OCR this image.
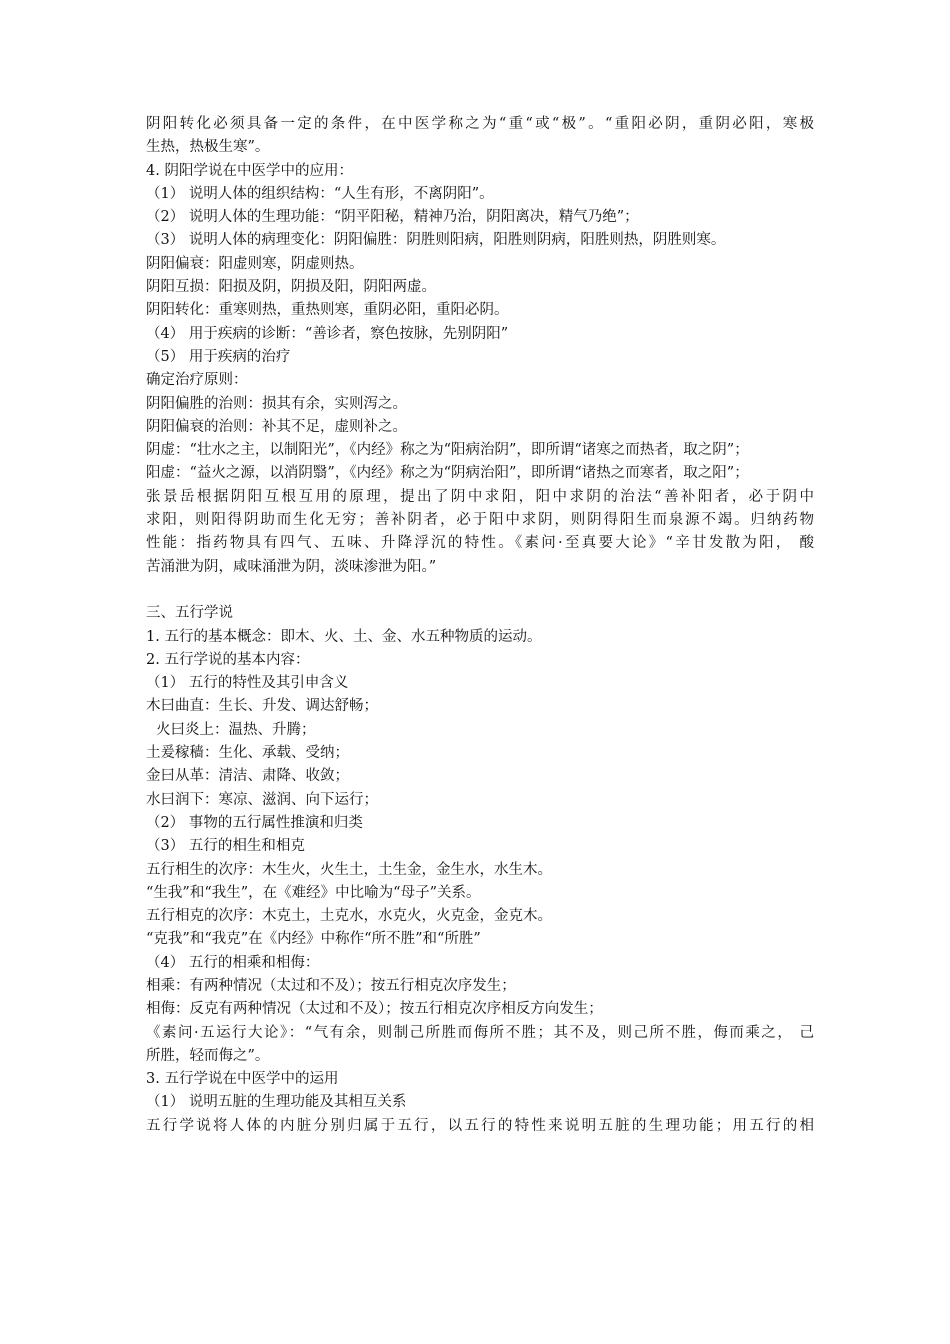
阴阳转化必须具备一定的条件，在中医学称之为“重“或“极”。“重阳必阴，重阴必阳，寒极
生热，热极生寒”。
4. 阴阳学说在中医学中的应用：
（1） 说明人体的组织结构：“人生有形，不离阴阳”。
（2） 说明人体的生理功能：“阴平阳秘，精神乃治，阴阳离决，精气乃绝”；
（3） 说明人体的病理变化：阴阳偏胜：阴胜则阳病，阳胜则阴病，阳胜则热，阴胜则寒。
阴阳偏衰：阳虚则寒，阴虚则热。
阴阳互损：阳损及阴，阴损及阳，阴阳两虚。
阴阳转化：重寒则热，重热则寒，重阴必阳，重阳必阴。
（4） 用于疾病的诊断：“善诊者，察色按脉，先别阴阳”
（5） 用于疾病的治疗
确定治疗原则：
阴阳偏胜的治则：损其有余，实则泻之。
阴阳偏衰的治则：补其不足，虚则补之。
阴虚：“壮水之主，以制阳光”，《内经》称之为“阳病治阴”，即所谓“诸寒之而热者，取之阴”；
阳虚：“益火之源，以消阴翳”，《内经》称之为“阴病治阳”，即所谓“诸热之而寒者，取之阳”；
张景岳根据阴阳互根互用的原理，提出了阴中求阳，阳中求阴的治法“善补阳者，必于阴中
求阳，则阳得阴助而生化无穷；善补阴者，必于阳中求阴，则阴得阳生而泉源不竭。归纳药物
性能：指药物具有四气、五味、升降浮沉的特性。《素问·至真要大论》“辛甘发散为阳， 酸
苦涌泄为阴，咸味涌泄为阴，淡味渗泄为阳。”
三、五行学说
1. 五行的基本概念：即木、火、土、金、水五种物质的运动。
2. 五行学说的基本内容：
（1） 五行的特性及其引申含义
木曰曲直：生长、升发、调达舒畅；
火曰炎上：温热、升腾；
土爰稼穑：生化、承载、受纳；
金曰从革：清洁、肃降、收敛；
水曰润下：寒凉、滋润、向下运行；
（2） 事物的五行属性推演和归类
（3） 五行的相生和相克
五行相生的次序：木生火，火生土，土生金，金生水，水生木。
“生我”和“我生”，在《难经》中比喻为“母子”关系。
五行相克的次序：木克土，土克水，水克火，火克金，金克木。
“克我”和“我克”在《内经》中称作“所不胜”和“所胜”
（4） 五行的相乘和相侮：
相乘：有两种情况（太过和不及）；按五行相克次序发生；
相侮：反克有两种情况（太过和不及）；按五行相克次序相反方向发生；
《素问·五运行大论》：“气有余，则制己所胜而侮所不胜；其不及，则己所不胜，侮而乘之， 己
所胜，轻而侮之”。
3. 五行学说在中医学中的运用
（1） 说明五脏的生理功能及其相互关系
五行学说将人体的内脏分别归属于五行，以五行的特性来说明五脏的生理功能；用五行的相
